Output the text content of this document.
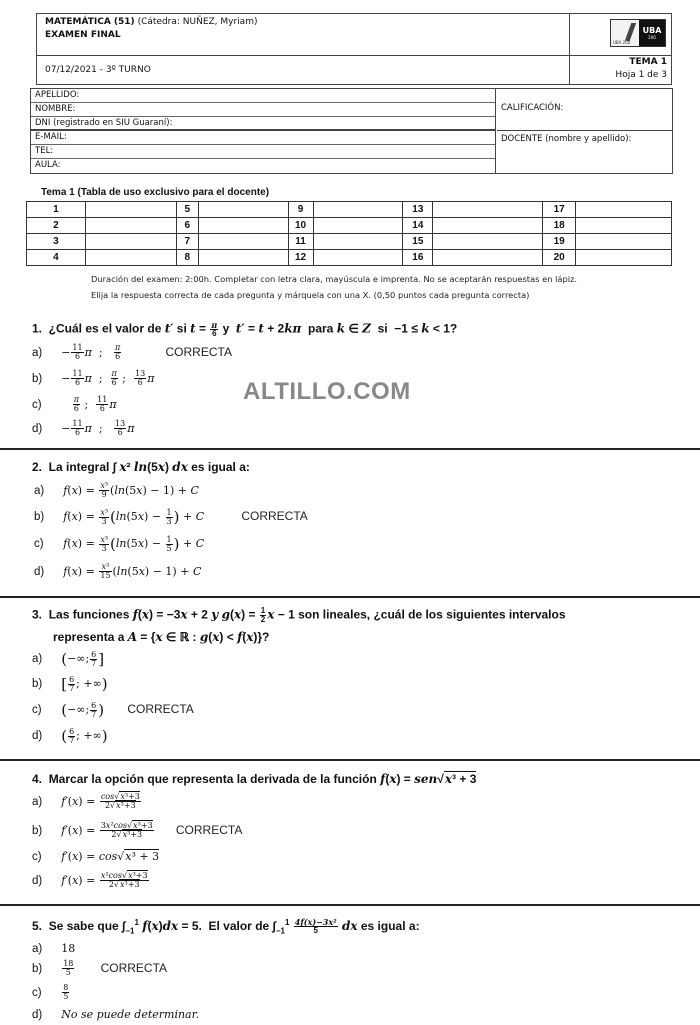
MATEMÁTICA (51) (Cátedra: NUÑEZ, Myriam)
EXAMEN FINAL
07/12/2021 - 3º TURNO
TEMA 1
Hoja 1 de 3
UBA 200
UBA
200
APELLIDO:
NOMBRE:
DNI (registrado en SIU Guaraní):
E-MAIL:
TEL:
AULA:
CALIFICACIÓN:
DOCENTE (nombre y apellido):
Tema 1 (Tabla de uso exclusivo para el docente)
1		5		9		13		17	
2		6		10		14		18	
3		7		11		15		19	
4		8		12		16		20	
Duración del examen: 2:00h. Completar con letra clara, mayúscula e imprenta. No se aceptarán respuestas en lápiz.
Elija la respuesta correcta de cada pregunta y márquela con una X. (0,50 puntos cada pregunta correcta)
1.  ¿Cuál es el valor de t′ si $t = \frac{\pi}{6}$ y  t′ = t + 2kπ  para k ∈ Z  si  −1 ≤ k < 1?
$a) - \frac{11}{6}$ π  ; $\frac{\pi}{6}$	CORRECTA
$b) - \frac{11}{6}$ π  ; $\frac{\pi}{6}$ ; $\frac{13}{6}$ π
c)	$\frac{\pi}{6}$ ; $\frac{11}{6}$ π
$d) - \frac{11}{6}$ π  ; $\frac{13}{6}$ π
ALTILLO.COM
2.  La integral ∫ x² ln(5x) dx es igual a:
a) $f(x) = \frac{\text{x³}}{9} (\ln(5x) - 1) + C$
b) $f(x) = \frac{\text{x³}}{3} (\ln(5x) - \frac{1}{3}$ ) + C	CORRECTA
c) $f(x) = \frac{\text{x³}}{3} (\ln(5x) - \frac{1}{5}$ ) + C
d) $f(x) = \frac{\text{x³}}{15} (\ln(5x) - 1) + C$
3. Las funciones f(x) = −3x + 2 y $g(x) = \frac{1}{2}$ x − 1 son lineales, ¿cuál de los siguientes intervalos
representa a A = {x ∈ ℝ : g(x) < f(x)}?
a) (−∞; $\frac{6}{7}$ ]
b) [ $\frac{6}{7}$ ; +∞)
c) (−∞; $\frac{6}{7}$ ) CORRECTA
d) ( $\frac{6}{7}$ ; +∞)
4. Marcar la opción que representa la derivada de la función f(x) = sen√x³ + 3
a) $f'(x) = \frac{\text{cos√x³+3}}{\text{2√x³+3}}$
b) $f'(x) = \frac{\text{3x²cos√x³+3}}{\text{2√x³+3}}$ CORRECTA
c) f′(x) = cos√x³ + 3
d) $f'(x) = \frac{\text{x²cos√x³+3}}{\text{2√x³+3}}$
5. Se sabe que $\int_{-1}^1$ f(x)dx = 5.  El valor de $\int_{-1}^1 \frac{\text{4f(x)−3x²}}{5}$ dx es igual a:
a) 18
$b) \frac{18}{5}$ CORRECTA
c)	$\frac{8}{5}$
d) No se puede determinar.
